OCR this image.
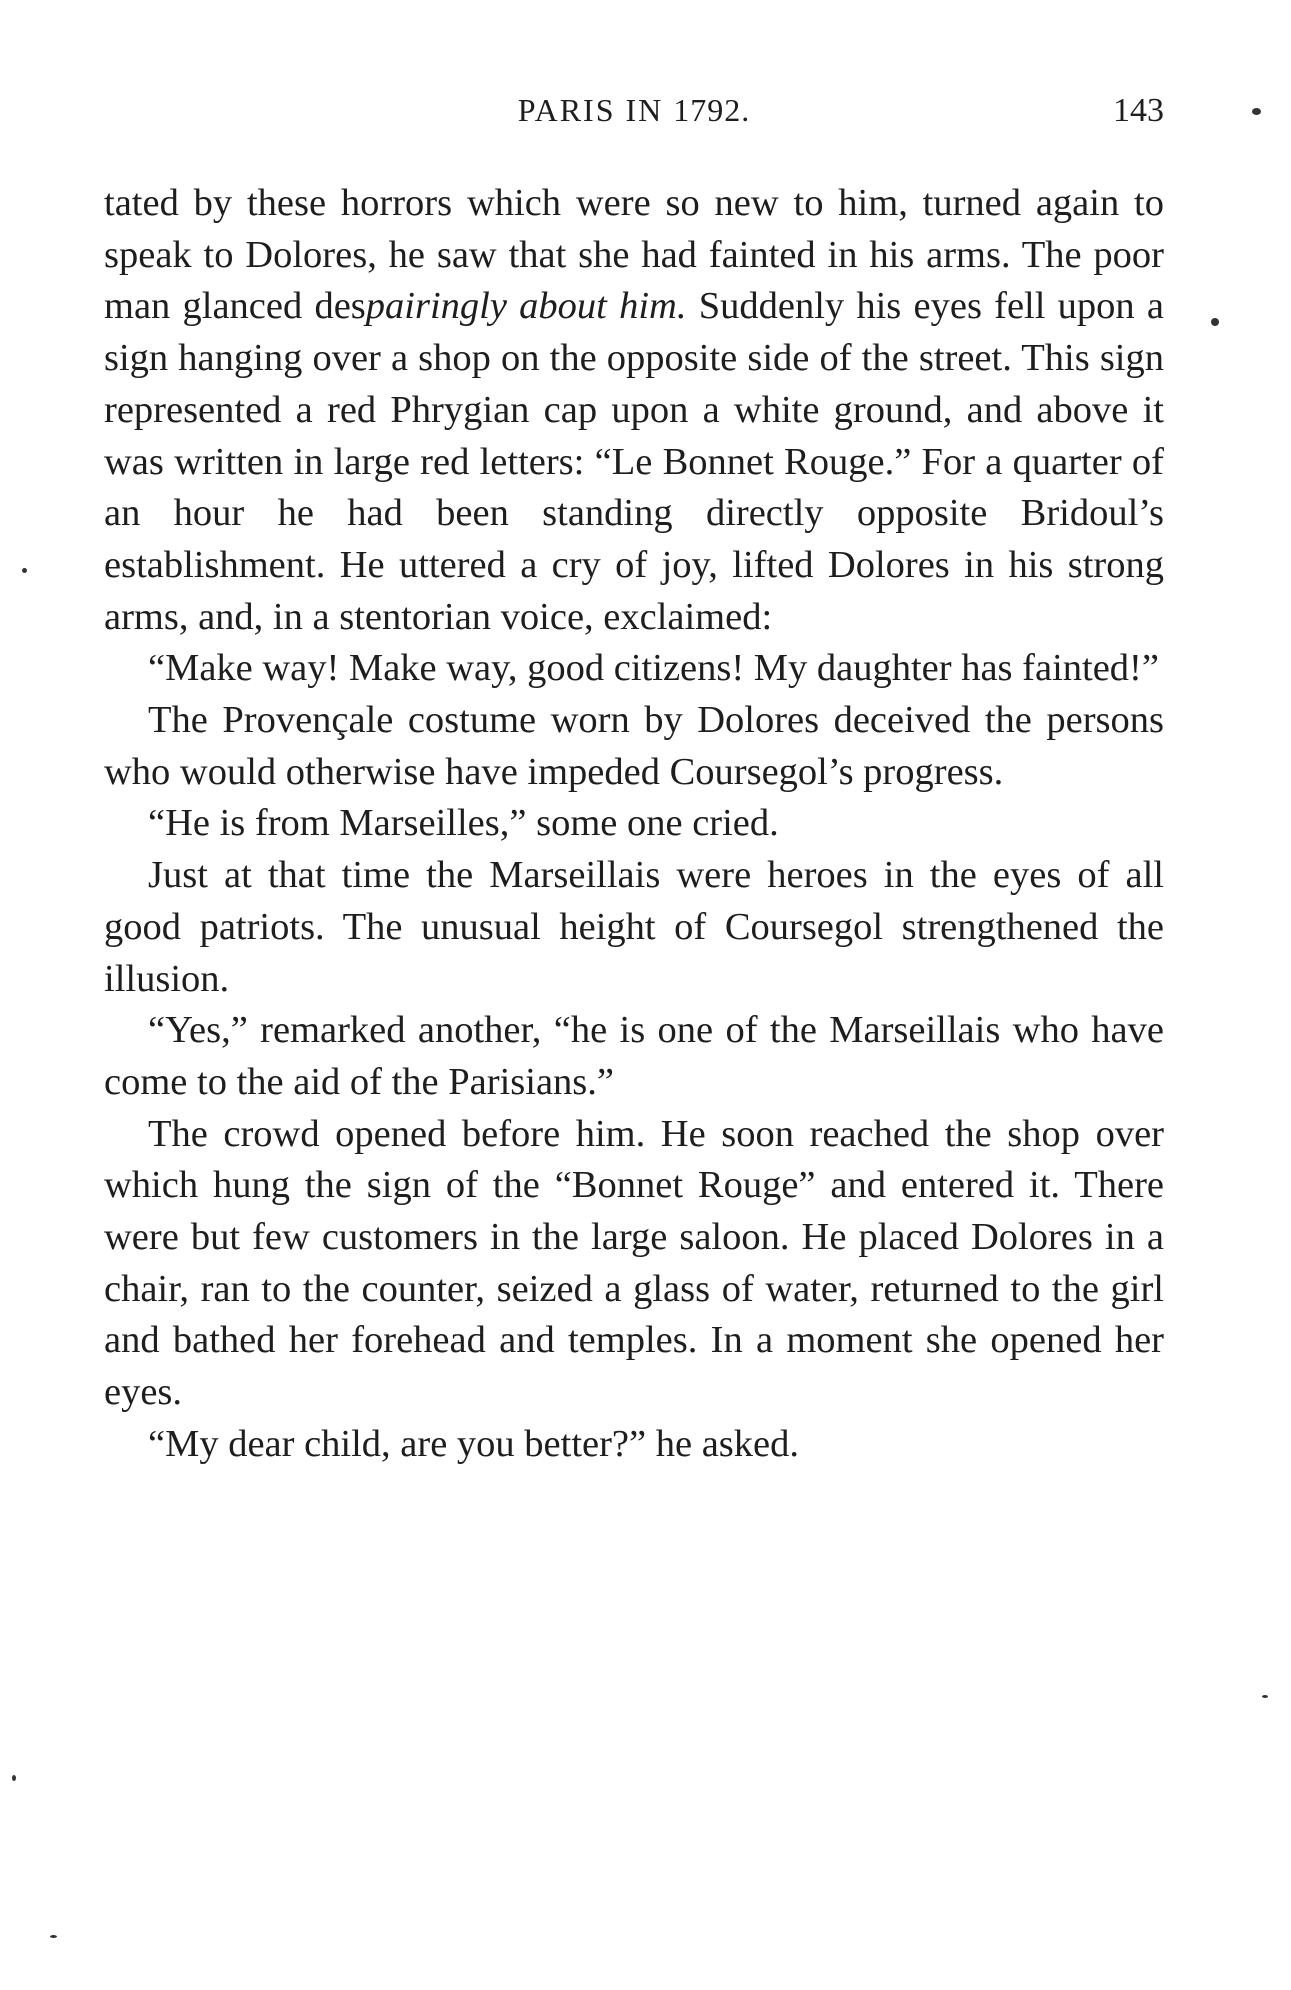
PARIS IN 1792.	143

tated by these horrors which were so new to him, turned again to speak to Dolores, he saw that she had fainted in his arms. The poor man glanced despairingly about him. Suddenly his eyes fell upon a sign hanging over a shop on the opposite side of the street. This sign represented a red Phrygian cap upon a white ground, and above it was written in large red letters: “Le Bonnet Rouge.” For a quarter of an hour he had been standing directly opposite Bridoul’s establishment. He uttered a cry of joy, lifted Dolores in his strong arms, and, in a stentorian voice, exclaimed:

“Make way! Make way, good citizens! My daughter has fainted!”

The Provençale costume worn by Dolores deceived the persons who would otherwise have impeded Coursegol’s progress.

“He is from Marseilles,” some one cried.

Just at that time the Marseillais were heroes in the eyes of all good patriots. The unusual height of Coursegol strengthened the illusion.

“Yes,” remarked another, “he is one of the Marseillais who have come to the aid of the Parisians.”

The crowd opened before him. He soon reached the shop over which hung the sign of the “Bonnet Rouge” and entered it. There were but few customers in the large saloon. He placed Dolores in a chair, ran to the counter, seized a glass of water, returned to the girl and bathed her forehead and temples. In a moment she opened her eyes.

“My dear child, are you better?” he asked.
